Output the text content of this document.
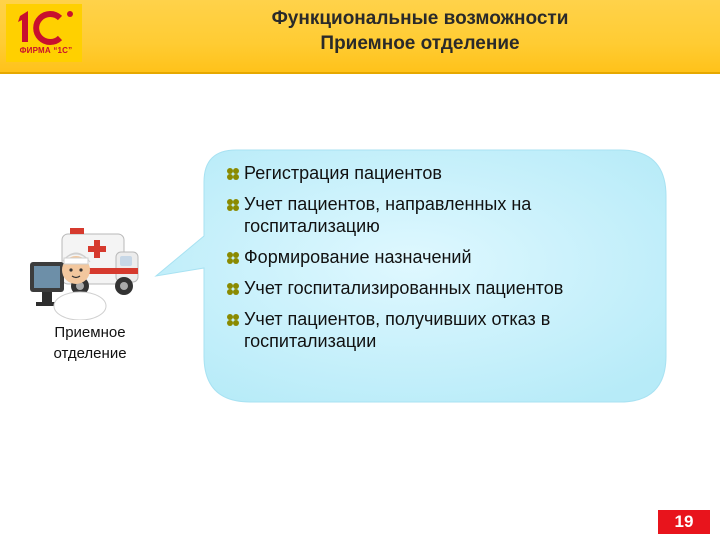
ФИРМА “1С”
Функциональные возможности
Приемное отделение
Приемное
отделение
Регистрация пациентов
Учет пациентов, направленных на госпитализацию
Формирование назначений
Учет госпитализированных пациентов
Учет пациентов, получивших отказ в госпитализации
19
